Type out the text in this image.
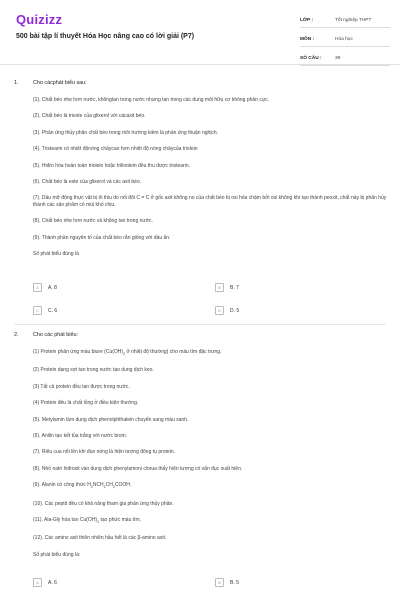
Quizizz
500 bài tập lí thuyết Hóa Học nâng cao có lời giải (P7)
LỚP :	Tốt nghiệp THPT
MÔN :	Hóa học
SỐ CÂU :	39
1.	Cho cácphát biểu sau:

(1). Chất béo nhẹ hơn nước, khôngtan trong nước nhưng tan trong các dung môi hữu cơ không phân cực.

(2). Chất béo là trieste của glixerol với cácaxit béo.

(3). Phản ứng thủy phân chất béo trong môi trường kiềm là phản ứng thuận nghịch.

(4). Tristearin có nhiệt độnóng chảycao hơn nhiệt độ nóng chảycủa triolein

(5). Hiđro hóa hoàn toàn triolein hoặc trilinolein đều thu được tristearin.

(6). Chất béo là este của glixerol và các axit béo.

(7). Dầu mỡ động thực vật bị ôi thiu do nối đôi C = C ở gốc axit không no của chất béo bị oxi hóa chậm bởi oxi không khí tạo thành peoxit, chất này bị phân hủy thành các sản phẩm có mùi khó chịu.

(8). Chất béo nhẹ hơn nước và không tan trong nước.

(9). Thành phần nguyên tố của chất béo rắn giống với dầu ăn.

Số phát biểu đúng là

A	A. 8	B	B. 7
C	C. 6	D	D. 5
2.	Cho các phát biểu:

(1) Protein phản ứng màu biure ($Cu(OH)_2$ ở nhiệt độ thường) cho màu tím đặc trưng.

(2) Protein dạng sợi tan trong nước tạo dung dịch keo.

(3) Tất cả protein đều tan được trong nước.

(4) Protein đều là chất lỏng ở điều kiện thường.

(5). Metylamin làm dung dịch phenolphthalein chuyển sang màu xanh.

(6). Anilin tạo kết tủa trắng với nước brom.

(7). Riêu cua nổi lên khi đun nóng là hiện tượng đông tụ protein.

(8). Nhỏ natri hiđroxit vào dung dịch phenylamoni clorua thấy hiện tượng có vẩn đục xuất hiện.

(9). Alanin có công thức $H_2NCH_2CH_2COOH$.

(10). Các peptit đều có khả năng tham gia phản ứng thủy phân.

(11). Ala-Gly hòa $\tan Cu(OH)_2$ tạo phức màu tím.

(12). Các amino axit thiên nhiên hầu hết là các β-amino axit.

Số phát biểu đúng là:

A	A. 6	B	B. 5
